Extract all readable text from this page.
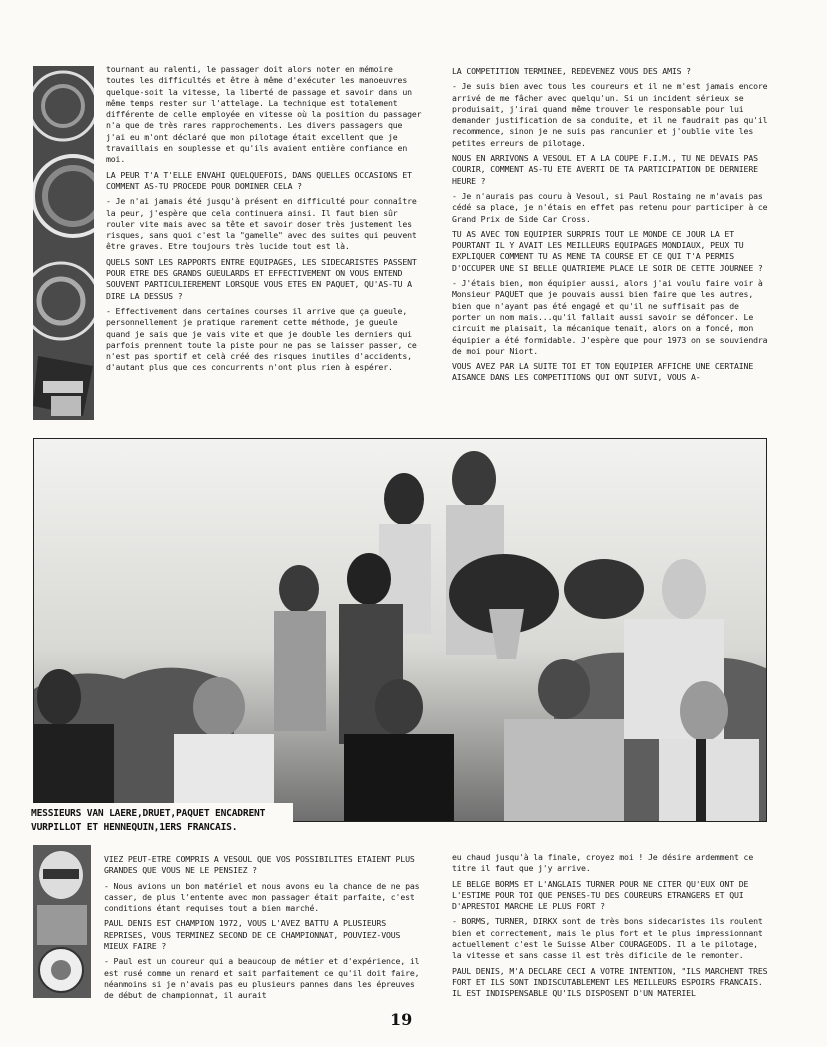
tournant au ralenti, le passager doit alors noter en mémoire toutes les difficultés et être à même d'exécuter les manoeuvres quelque-soit la vitesse, la liberté de passage et savoir dans un même temps rester sur l'attelage. La technique est totalement différente de celle employée en vitesse où la position du passager n'a que de très rares rapprochements. Les divers passagers que j'ai eu m'ont déclaré que mon pilotage était excellent que je travaillais en souplesse et qu'ils avaient entière confiance en moi.

LA PEUR T'A T'ELLE ENVAHI QUELQUEFOIS, DANS QUELLES OCCASIONS ET COMMENT AS-TU PROCEDE POUR DOMINER CELA ?

- Je n'ai jamais été jusqu'à présent en difficulté pour connaître la peur, j'espère que cela continuera ainsi. Il faut bien sûr rouler vite mais avec sa tête et savoir doser très justement les risques, sans quoi c'est la "gamelle" avec des suites qui peuvent être graves. Etre toujours très lucide tout est là.

QUELS SONT LES RAPPORTS ENTRE EQUIPAGES, LES SIDECARISTES PASSENT POUR ETRE DES GRANDS GUEULARDS ET EFFECTIVEMENT ON VOUS ENTEND SOUVENT PARTICULIEREMENT LORSQUE VOUS ETES EN PAQUET, QU'AS-TU A DIRE LA DESSUS ?

- Effectivement dans certaines courses il arrive que ça gueule, personnellement je pratique rarement cette méthode, je gueule quand je sais que je vais vite et que je double les derniers qui parfois prennent toute la piste pour ne pas se laisser passer, ce n'est pas sportif et celà créé des risques inutiles d'accidents, d'autant plus que ces concurrents n'ont plus rien à espérer.

LA COMPETITION TERMINEE, REDEVENEZ VOUS DES AMIS ?

- Je suis bien avec tous les coureurs et il ne m'est jamais encore arrivé de me fâcher avec quelqu'un. Si un incident sérieux se produisait, j'irai quand même trouver le responsable pour lui demander justification de sa conduite, et il ne faudrait pas qu'il recommence, sinon je ne suis pas rancunier et j'oublie vite les petites erreurs de pilotage.

NOUS EN ARRIVONS A VESOUL ET A LA COUPE F.I.M., TU NE DEVAIS PAS COURIR, COMMENT AS-TU ETE AVERTI DE TA PARTICIPATION DE DERNIERE HEURE ?

- Je n'aurais pas couru à Vesoul, si Paul Rostaing ne m'avais pas cédé sa place, je n'étais en effet pas retenu pour participer à ce Grand Prix de Side Car Cross.

TU AS AVEC TON EQUIPIER SURPRIS TOUT LE MONDE CE JOUR LA ET POURTANT IL Y AVAIT LES MEILLEURS EQUIPAGES MONDIAUX, PEUX TU EXPLIQUER COMMENT TU AS MENE TA COURSE ET CE QUI T'A PERMIS D'OCCUPER UNE SI BELLE QUATRIEME PLACE LE SOIR DE CETTE JOURNEE ?

- J'étais bien, mon équipier aussi, alors j'ai voulu faire voir à Monsieur PAQUET que je pouvais aussi bien faire que les autres, bien que n'ayant pas été engagé et qu'il ne suffisait pas de porter un nom mais...qu'il fallait aussi savoir se défoncer. Le circuit me plaisait, la mécanique tenait, alors on a foncé, mon équipier a été formidable. J'espère que pour 1973 on se souviendra de moi pour Niort.

VOUS AVEZ PAR LA SUITE TOI ET TON EQUIPIER AFFICHE UNE CERTAINE AISANCE DANS LES COMPETITIONS QUI ONT SUIVI, VOUS A-

MESSIEURS VAN LAERE,DRUET,PAQUET ENCADRENT
VURPILLOT ET HENNEQUIN,1ERS FRANCAIS.

VIEZ PEUT-ETRE COMPRIS A VESOUL QUE VOS POSSIBILITES ETAIENT PLUS GRANDES QUE VOUS NE LE PENSIEZ ?

- Nous avions un bon matériel et nous avons eu la chance de ne pas casser, de plus l'entente avec mon passager était parfaite, c'est conditions étant requises tout a bien marché.

PAUL DENIS EST CHAMPION 1972, VOUS L'AVEZ BATTU A PLUSIEURS REPRISES, VOUS TERMINEZ SECOND DE CE CHAMPIONNAT, POUVIEZ-VOUS MIEUX FAIRE ?

- Paul est un coureur qui a beaucoup de métier et d'expérience, il est rusé comme un renard et sait parfaitement ce qu'il doit faire, néanmoins si je n'avais pas eu plusieurs pannes dans les épreuves de début de championnat, il aurait

eu chaud jusqu'à la finale, croyez moi ! Je désire ardemment ce titre il faut que j'y arrive.

LE BELGE BORMS ET L'ANGLAIS TURNER POUR NE CITER QU'EUX ONT DE L'ESTIME POUR TOI QUE PENSES-TU DES COUREURS ETRANGERS ET QUI D'APRESTOI MARCHE LE PLUS FORT ?

- BORMS, TURNER, DIRKX sont de très bons sidecaristes ils roulent bien et correctement, mais le plus fort et le plus impressionnant actuellement c'est le Suisse Alber COURAGEODS. Il a le pilotage, la vitesse et sans casse il est très dificile de le remonter.

PAUL DENIS, M'A DECLARE CECI A VOTRE INTENTION, "ILS MARCHENT TRES FORT ET ILS SONT INDISCUTABLEMENT LES MEILLEURS ESPOIRS FRANCAIS. IL EST INDISPENSABLE QU'ILS DISPOSENT D'UN MATERIEL

19
